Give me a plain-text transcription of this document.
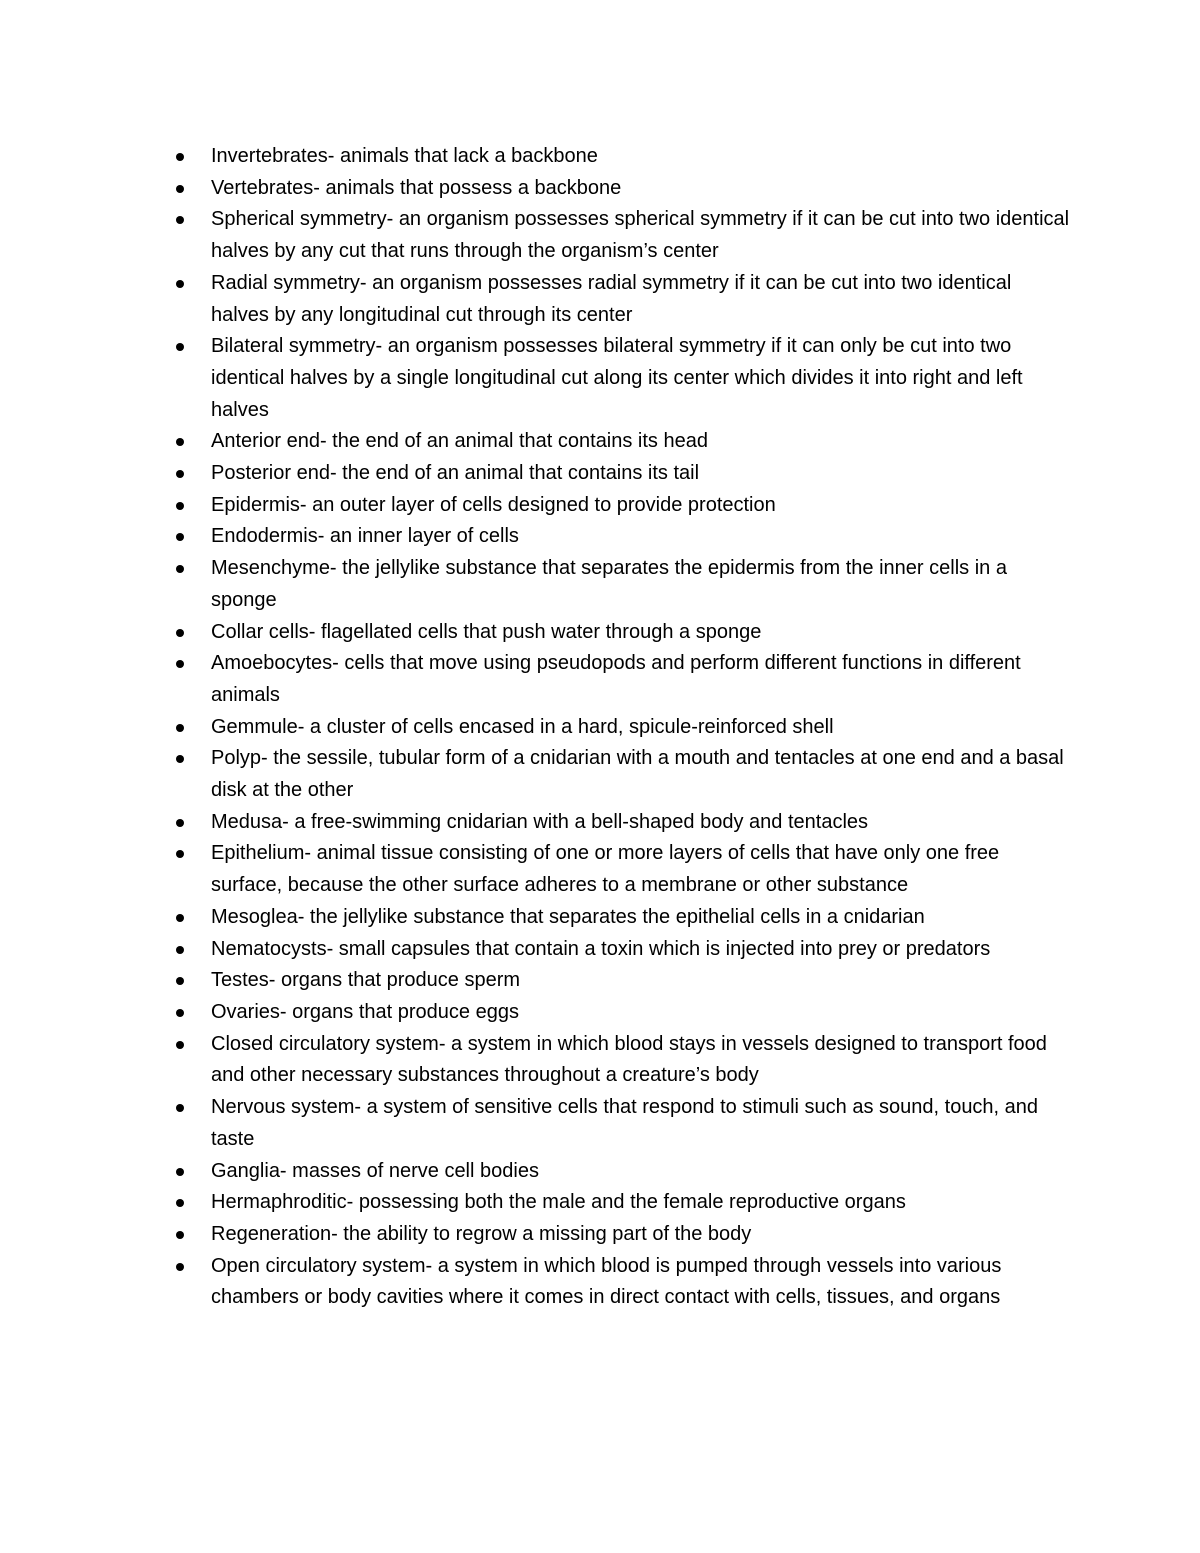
Invertebrates- animals that lack a backbone
Vertebrates- animals that possess a backbone
Spherical symmetry- an organism possesses spherical symmetry if it can be cut into two identical halves by any cut that runs through the organism’s center
Radial symmetry- an organism possesses radial symmetry if it can be cut into two identical halves by any longitudinal cut through its center
Bilateral symmetry- an organism possesses bilateral symmetry if it can only be cut into two identical halves by a single longitudinal cut along its center which divides it into right and left halves
Anterior end- the end of an animal that contains its head
Posterior end- the end of an animal that contains its tail
Epidermis- an outer layer of cells designed to provide protection
Endodermis- an inner layer of cells
Mesenchyme- the jellylike substance that separates the epidermis from the inner cells in a sponge
Collar cells- flagellated cells that push water through a sponge
Amoebocytes- cells that move using pseudopods and perform different functions in different animals
Gemmule- a cluster of cells encased in a hard, spicule-reinforced shell
Polyp- the sessile, tubular form of a cnidarian with a mouth and tentacles at one end and a basal disk at the other
Medusa- a free-swimming cnidarian with a bell-shaped body and tentacles
Epithelium- animal tissue consisting of one or more layers of cells that have only one free surface, because the other surface adheres to a membrane or other substance
Mesoglea- the jellylike substance that separates the epithelial cells in a cnidarian
Nematocysts- small capsules that contain a toxin which is injected into prey or predators
Testes- organs that produce sperm
Ovaries- organs that produce eggs
Closed circulatory system- a system in which blood stays in vessels designed to transport food and other necessary substances throughout a creature’s body
Nervous system- a system of sensitive cells that respond to stimuli such as sound, touch, and taste
Ganglia- masses of nerve cell bodies
Hermaphroditic- possessing both the male and the female reproductive organs
Regeneration- the ability to regrow a missing part of the body
Open circulatory system- a system in which blood is pumped through vessels into various chambers or body cavities where it comes in direct contact with cells, tissues, and organs
